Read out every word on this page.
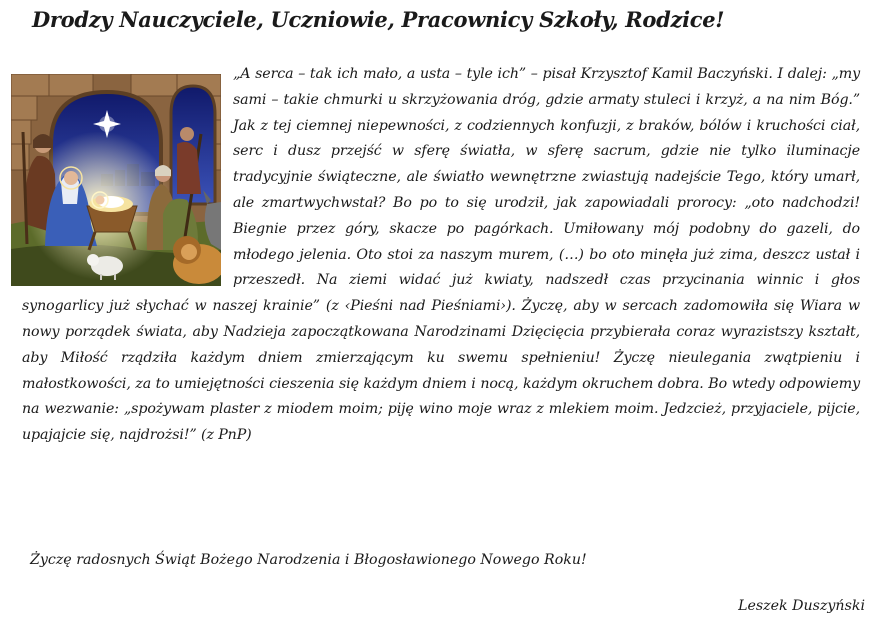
Drodzy Nauczyciele, Uczniowie, Pracownicy Szkoły, Rodzice!
„A serca – tak ich mało, a usta – tyle ich” – pisał Krzysztof Kamil Baczyński. I dalej: „my sami – takie chmurki u skrzyżowania dróg, gdzie armaty stuleci i krzyż, a na nim Bóg.” Jak z tej ciemnej niepewności, z codziennych konfuzji, z braków, bólów i kruchości ciał, serc i dusz przejść w sferę światła, w sferę sacrum, gdzie nie tylko iluminacje tradycyjnie świąteczne, ale światło wewnętrzne zwiastują nadejście Tego, który umarł, ale zmartwychwstał? Bo po to się urodził, jak zapowiadali prorocy: „oto nadchodzi! Biegnie przez góry, skacze po pagórkach. Umiłowany mój podobny do gazeli, do młodego jelenia. Oto stoi za naszym murem, (…) bo oto minęła już zima, deszcz ustał i przeszedł. Na ziemi widać już kwiaty, nadszedł czas przycinania winnic i głos synogarlicy już słychać w naszej krainie” (z ‹Pieśni nad Pieśniami›). Życzę, aby w sercach zadomowiła się Wiara w nowy porządek świata, aby Nadzieja zapoczątkowana Narodzinami Dzięcięcia przybierała coraz wyrazistszy kształt, aby Miłość rządziła każdym dniem zmierzającym ku swemu spełnieniu! Życzę nieulegania zwątpieniu i małostkowości, za to umiejętności cieszenia się każdym dniem i nocą, każdym okruchem dobra. Bo wtedy odpowiemy na wezwanie: „spożywam plaster z miodem moim; piję wino moje wraz z mlekiem moim. Jedzcież, przyjaciele, pijcie, upajajcie się, najdrożsi!” (z PnP)
Życzę radosnych Świąt Bożego Narodzenia i Błogosławionego Nowego Roku!
Leszek Duszyński
